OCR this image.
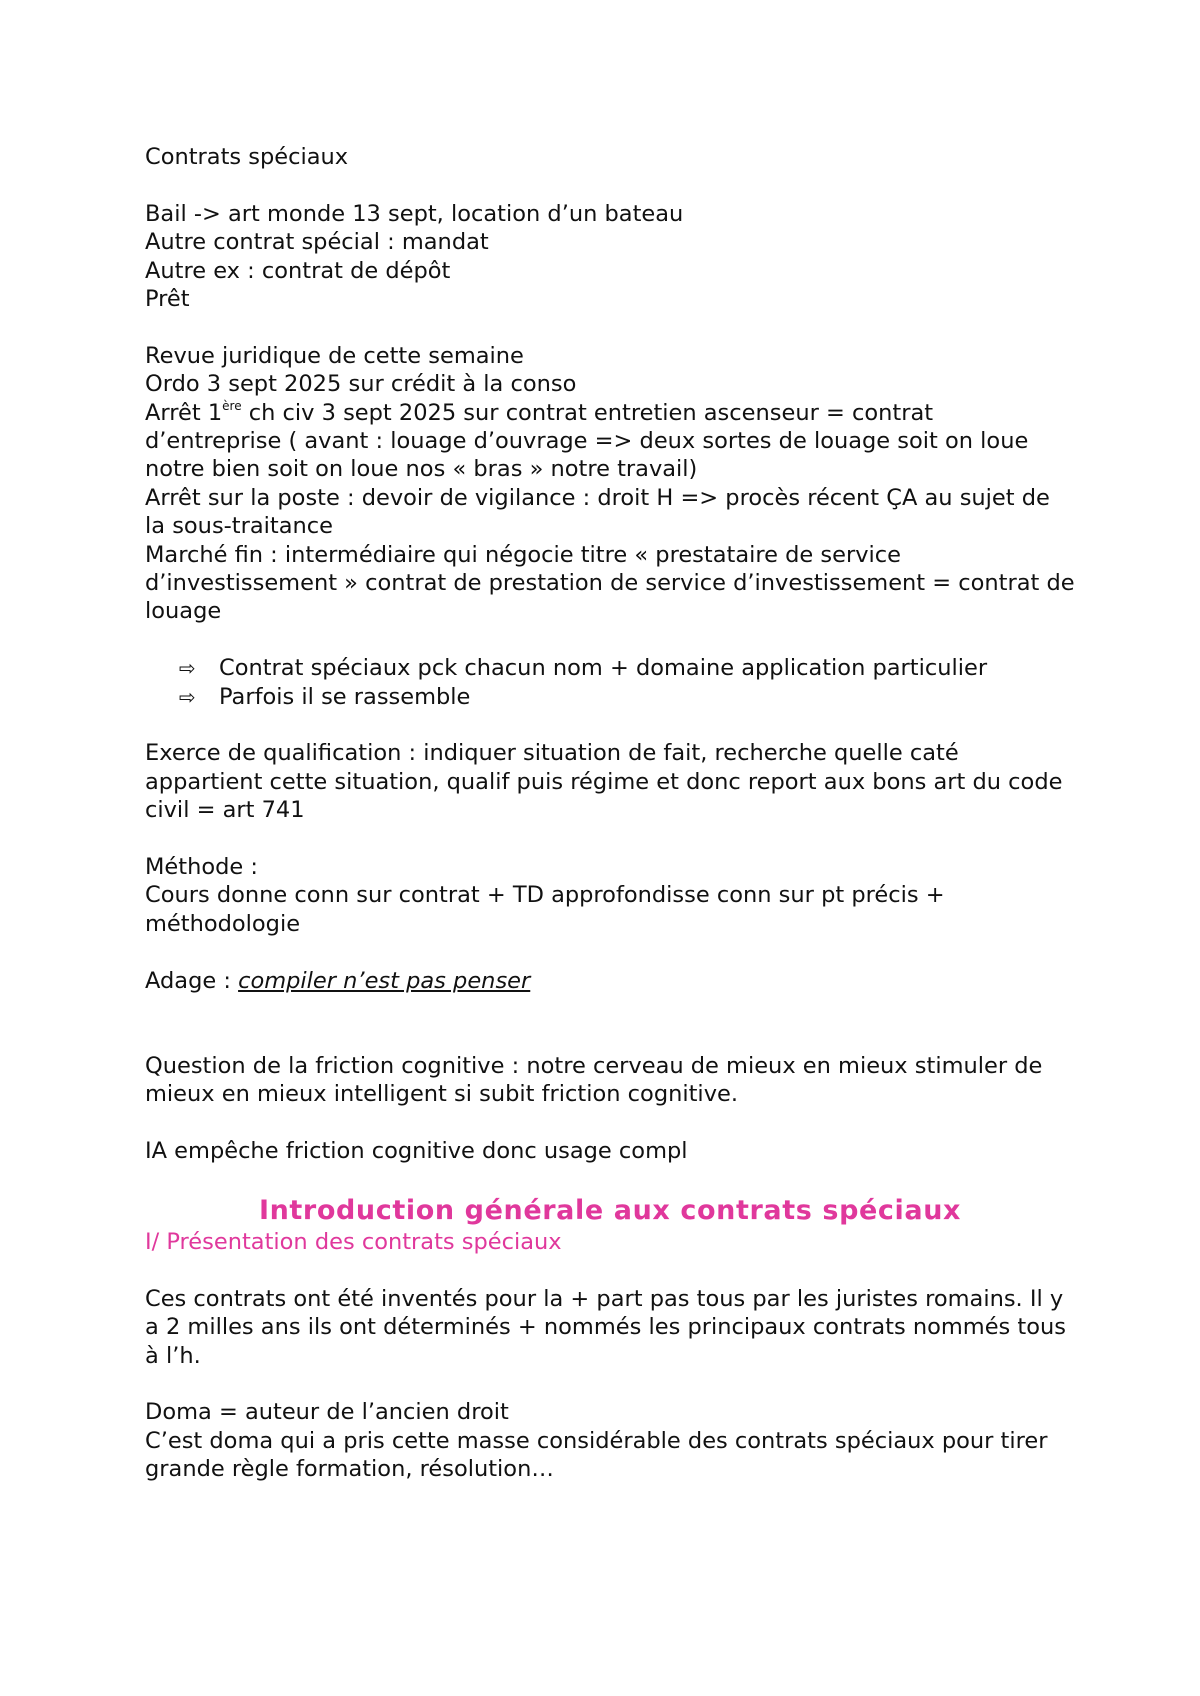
Contrats spéciaux

Bail -> art monde 13 sept, location d’un bateau

Autre contrat spécial : mandat

Autre ex : contrat de dépôt

Prêt

Revue juridique de cette semaine

Ordo 3 sept 2025 sur crédit à la conso

Arrêt 1ère ch civ 3 sept 2025 sur contrat entretien ascenseur = contrat d’entreprise ( avant : louage d’ouvrage => deux sortes de louage soit on loue notre bien soit on loue nos « bras » notre travail)

Arrêt sur la poste : devoir de vigilance : droit H => procès récent ÇA au sujet de la sous-traitance

Marché fin : intermédiaire qui négocie titre « prestataire de service d’investissement » contrat de prestation de service d’investissement = contrat de louage

⇨ Contrat spéciaux pck chacun nom + domaine application particulier
⇨ Parfois il se rassemble

Exerce de qualification : indiquer situation de fait, recherche quelle caté appartient cette situation, qualif puis régime et donc report aux bons art du code civil = art 741

Méthode :

Cours donne conn sur contrat + TD approfondisse conn sur pt précis + méthodologie

Adage : compiler n’est pas penser

Question de la friction cognitive : notre cerveau de mieux en mieux stimuler de mieux en mieux intelligent si subit friction cognitive.

IA empêche friction cognitive donc usage compl

Introduction générale aux contrats spéciaux

I/ Présentation des contrats spéciaux

Ces contrats ont été inventés pour la + part pas tous par les juristes romains. Il y a 2 milles ans ils ont déterminés + nommés les principaux contrats nommés tous à l’h.

Doma = auteur de l’ancien droit

C’est doma qui a pris cette masse considérable des contrats spéciaux pour tirer grande règle formation, résolution…
